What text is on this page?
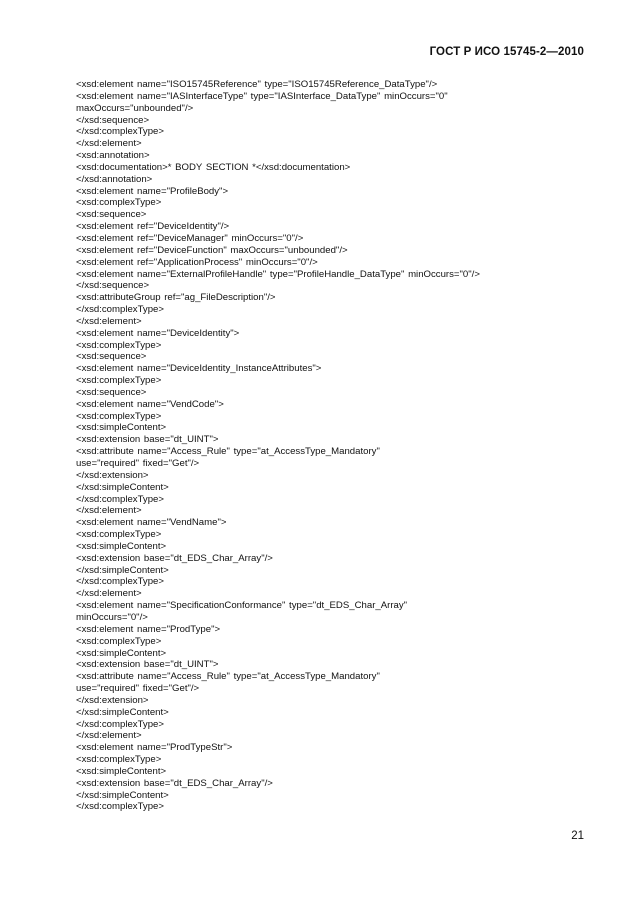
ГОСТ Р ИСО 15745-2—2010
<xsd:element name="ISO15745Reference" type="ISO15745Reference_DataType"/>
<xsd:element name="IASInterfaceType" type="IASInterface_DataType" minOccurs="0"
maxOccurs="unbounded"/>
</xsd:sequence>
</xsd:complexType>
</xsd:element>
<xsd:annotation>
<xsd:documentation>* BODY SECTION *</xsd:documentation>
</xsd:annotation>
<xsd:element name="ProfileBody">
<xsd:complexType>
<xsd:sequence>
<xsd:element ref="DeviceIdentity"/>
<xsd:element ref="DeviceManager" minOccurs="0"/>
<xsd:element ref="DeviceFunction" maxOccurs="unbounded"/>
<xsd:element ref="ApplicationProcess" minOccurs="0"/>
<xsd:element name="ExternalProfileHandle" type="ProfileHandle_DataType" minOccurs="0"/>
</xsd:sequence>
<xsd:attributeGroup ref="ag_FileDescription"/>
</xsd:complexType>
</xsd:element>
<xsd:element name="DeviceIdentity">
<xsd:complexType>
<xsd:sequence>
<xsd:element name="DeviceIdentity_InstanceAttributes">
<xsd:complexType>
<xsd:sequence>
<xsd:element name="VendCode">
<xsd:complexType>
<xsd:simpleContent>
<xsd:extension base="dt_UINT">
<xsd:attribute name="Access_Rule" type="at_AccessType_Mandatory"
use="required" fixed="Get"/>
</xsd:extension>
</xsd:simpleContent>
</xsd:complexType>
</xsd:element>
<xsd:element name="VendName">
<xsd:complexType>
<xsd:simpleContent>
<xsd:extension base="dt_EDS_Char_Array"/>
</xsd:simpleContent>
</xsd:complexType>
</xsd:element>
<xsd:element name="SpecificationConformance" type="dt_EDS_Char_Array"
minOccurs="0"/>
<xsd:element name="ProdType">
<xsd:complexType>
<xsd:simpleContent>
<xsd:extension base="dt_UINT">
<xsd:attribute name="Access_Rule" type="at_AccessType_Mandatory"
use="required" fixed="Get"/>
</xsd:extension>
</xsd:simpleContent>
</xsd:complexType>
</xsd:element>
<xsd:element name="ProdTypeStr">
<xsd:complexType>
<xsd:simpleContent>
<xsd:extension base="dt_EDS_Char_Array"/>
</xsd:simpleContent>
</xsd:complexType>
21
